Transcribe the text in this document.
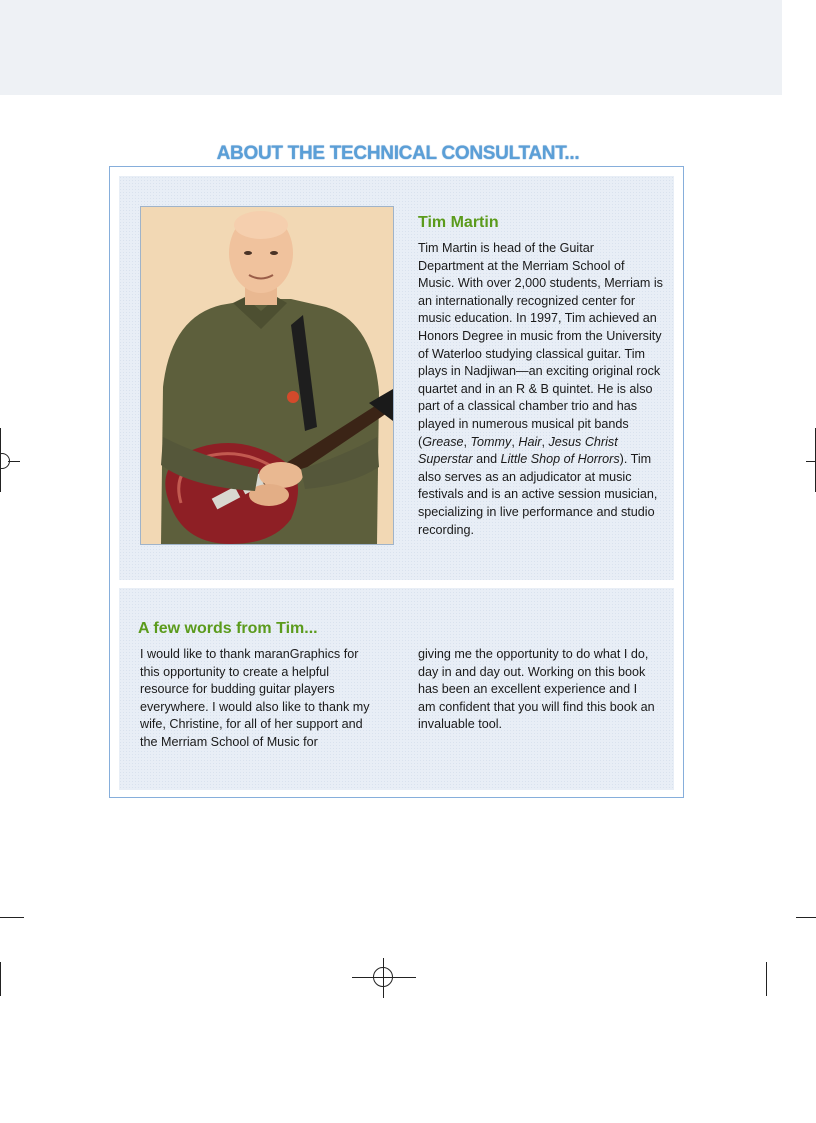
ABOUT THE TECHNICAL CONSULTANT...
Tim Martin

Tim Martin is head of the Guitar Department at the Merriam School of Music. With over 2,000 students, Merriam is an internationally recognized center for music education. In 1997, Tim achieved an Honors Degree in music from the University of Waterloo studying classical guitar. Tim plays in Nadjiwan—an exciting original rock quartet and in an R & B quintet. He is also part of a classical chamber trio and has played in numerous musical pit bands (Grease, Tommy, Hair, Jesus Christ Superstar and Little Shop of Horrors). Tim also serves as an adjudicator at music festivals and is an active session musician, specializing in live performance and studio recording.

A few words from Tim...

I would like to thank maranGraphics for this opportunity to create a helpful resource for budding guitar players everywhere. I would also like to thank my wife, Christine, for all of her support and the Merriam School of Music for

giving me the opportunity to do what I do, day in and day out. Working on this book has been an excellent experience and I am confident that you will find this book an invaluable tool.
